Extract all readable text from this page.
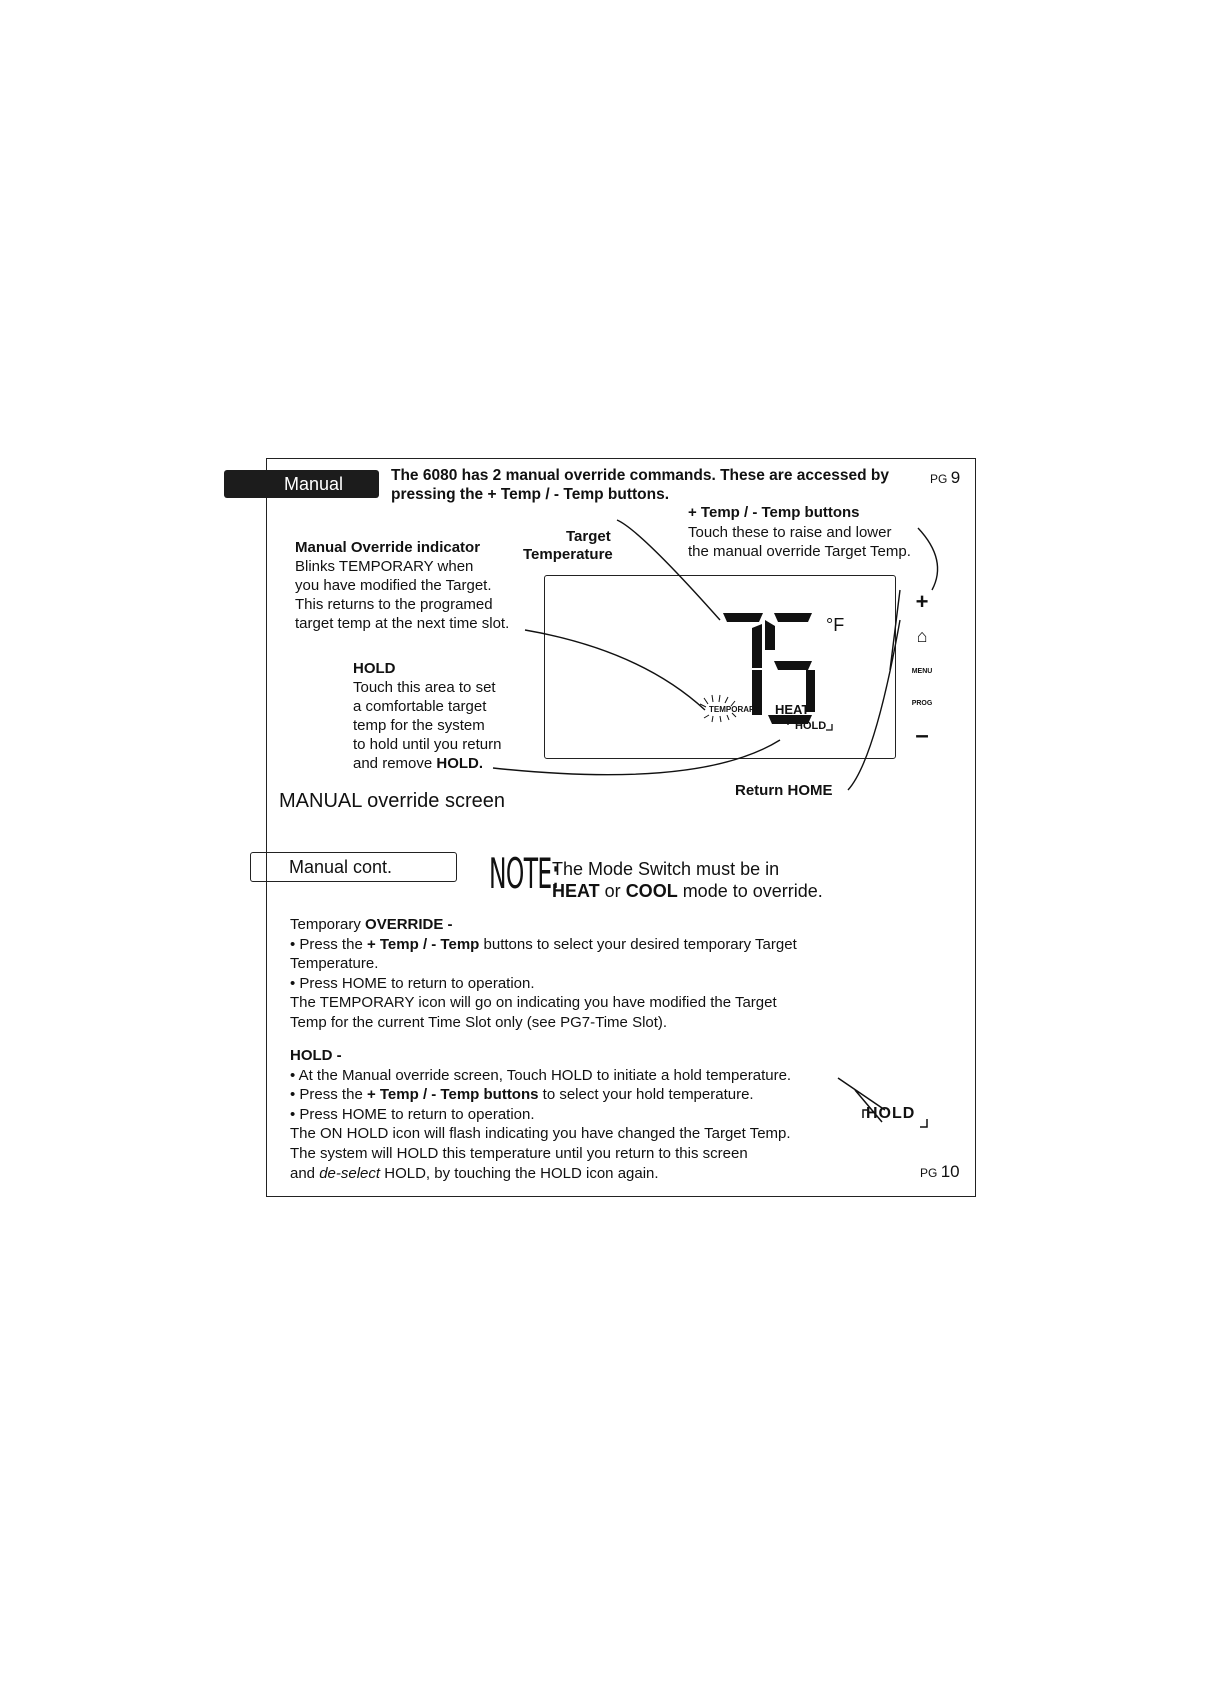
Manual	The 6080 has 2 manual override commands. These are accessed by
pressing the + Temp / - Temp buttons.
PG 9
+ Temp / - Temp buttons
Touch these to raise and lower
the manual override Target Temp.
Target
Temperature
Manual Override indicator
Blinks TEMPORARY when
you have modified the Target.
This returns to the programed
target temp at the next time slot.
HOLD
Touch this area to set
a comfortable target
temp for the system
to hold until you return
and remove HOLD.
Return HOME
°F
TEMPORARY HEAT
HOLD
+
⌂
MENU
PROG
–
MANUAL override screen
Manual cont.	NOTE:
The Mode Switch must be in
HEAT or COOL mode to override.
Temporary OVERRIDE -
• Press the + Temp / - Temp buttons to select your desired temporary Target
Temperature.
• Press HOME to return to operation.
The TEMPORARY icon will go on indicating you have modified the Target
Temp for the current Time Slot only (see PG7-Time Slot).
HOLD -
• At the Manual override screen, Touch HOLD to initiate a hold temperature.
• Press the + Temp / - Temp buttons to select your hold temperature.
• Press HOME to return to operation.
The ON HOLD icon will flash indicating you have changed the Target Temp.
The system will HOLD this temperature until you return to this screen
and de-select HOLD, by touching the HOLD icon again.
HOLD
PG 10
